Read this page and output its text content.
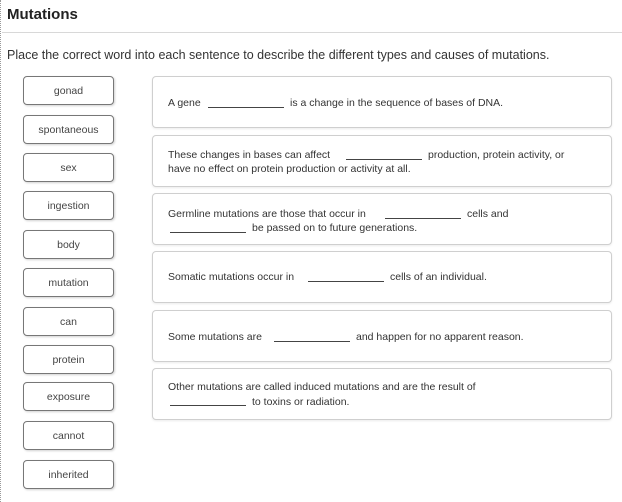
Mutations
Place the correct word into each sentence to describe the different types and causes of mutations.
gonad
spontaneous
sex
ingestion
body
mutation
can
protein
exposure
cannot
inherited
A gene	is a change in the sequence of bases of DNA.
These changes in bases can affect	production, protein activity, or
have no effect on protein production or activity at all.
Germline mutations are those that occur in	cells and
be passed on to future generations.
Somatic mutations occur in	cells of an individual.
Some mutations are	and happen for no apparent reason.
Other mutations are called induced mutations and are the result of
to toxins or radiation.
